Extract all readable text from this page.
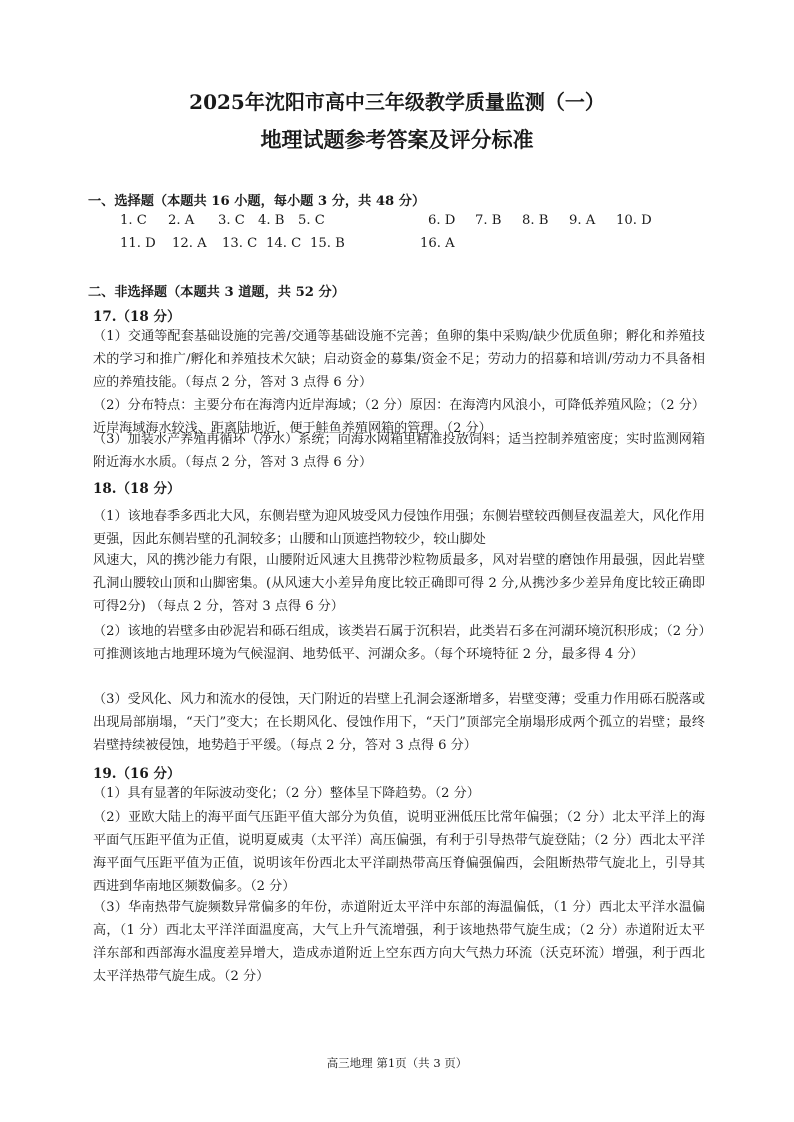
2025年沈阳市高中三年级教学质量监测（一）
地理试题参考答案及评分标准
一、选择题（本题共 16 小题，每小题 3 分，共 48 分）
1. C	2. A	3. C 4. B	5. C	6. D	7. B	8. B	9. A	10. D
11. D	12. A	13. C 14. C 15. B	16. A
二、非选择题（本题共 3 道题，共 52 分）
17.（18 分）
（1）交通等配套基础设施的完善/交通等基础设施不完善；鱼卵的集中采购/缺少优质鱼卵；孵化和养殖技术的学习和推广/孵化和养殖技术欠缺；启动资金的募集/资金不足；劳动力的招募和培训/劳动力不具备相应的养殖技能。（每点 2 分，答对 3 点得 6 分）
（2）分布特点：主要分布在海湾内近岸海域；（2 分）原因：在海湾内风浪小，可降低养殖风险；（2 分）近岸海域海水较浅、距离陆地近，便于鲑鱼养殖网箱的管理。（2 分）
（3）加装水产养殖再循环（净水）系统；向海水网箱里精准投放饲料；适当控制养殖密度；实时监测网箱附近海水水质。（每点 2 分，答对 3 点得 6 分）
18.（18 分）
（1）该地春季多西北大风，东侧岩壁为迎风坡受风力侵蚀作用强；东侧岩壁较西侧昼夜温差大，风化作用更强，因此东侧岩壁的孔洞较多；山腰和山顶遮挡物较少，较山脚处
风速大，风的携沙能力有限，山腰附近风速大且携带沙粒物质最多，风对岩壁的磨蚀作用最强，因此岩壁孔洞山腰较山顶和山脚密集。(从风速大小差异角度比较正确即可得 2 分,从携沙多少差异角度比较正确即可得2分) （每点 2 分，答对 3 点得 6 分）
（2）该地的岩壁多由砂泥岩和砾石组成，该类岩石属于沉积岩，此类岩石多在河湖环境沉积形成；（2 分）可推测该地古地理环境为气候湿润、地势低平、河湖众多。（每个环境特征 2 分，最多得 4 分）
（3）受风化、风力和流水的侵蚀，天门附近的岩壁上孔洞会逐渐增多，岩壁变薄；受重力作用砾石脱落或出现局部崩塌，“天门”变大；在长期风化、侵蚀作用下，“天门”顶部完全崩塌形成两个孤立的岩壁；最终岩壁持续被侵蚀，地势趋于平缓。（每点 2 分，答对 3 点得 6 分）
19.（16 分）
（1）具有显著的年际波动变化；（2 分）整体呈下降趋势。（2 分）
（2）亚欧大陆上的海平面气压距平值大部分为负值，说明亚洲低压比常年偏强；（2 分）北太平洋上的海平面气压距平值为正值，说明夏威夷（太平洋）高压偏强，有利于引导热带气旋登陆；（2 分）西北太平洋海平面气压距平值为正值，说明该年份西北太平洋副热带高压脊偏强偏西，会阻断热带气旋北上，引导其西进到华南地区频数偏多。（2 分）
（3）华南热带气旋频数异常偏多的年份，赤道附近太平洋中东部的海温偏低，（1 分）西北太平洋水温偏高，（1 分）西北太平洋洋面温度高，大气上升气流增强，利于该地热带气旋生成；（2 分）赤道附近太平洋东部和西部海水温度差异增大，造成赤道附近上空东西方向大气热力环流（沃克环流）增强，利于西北太平洋热带气旋生成。（2 分）
高三地理 第1页（共 3 页）
